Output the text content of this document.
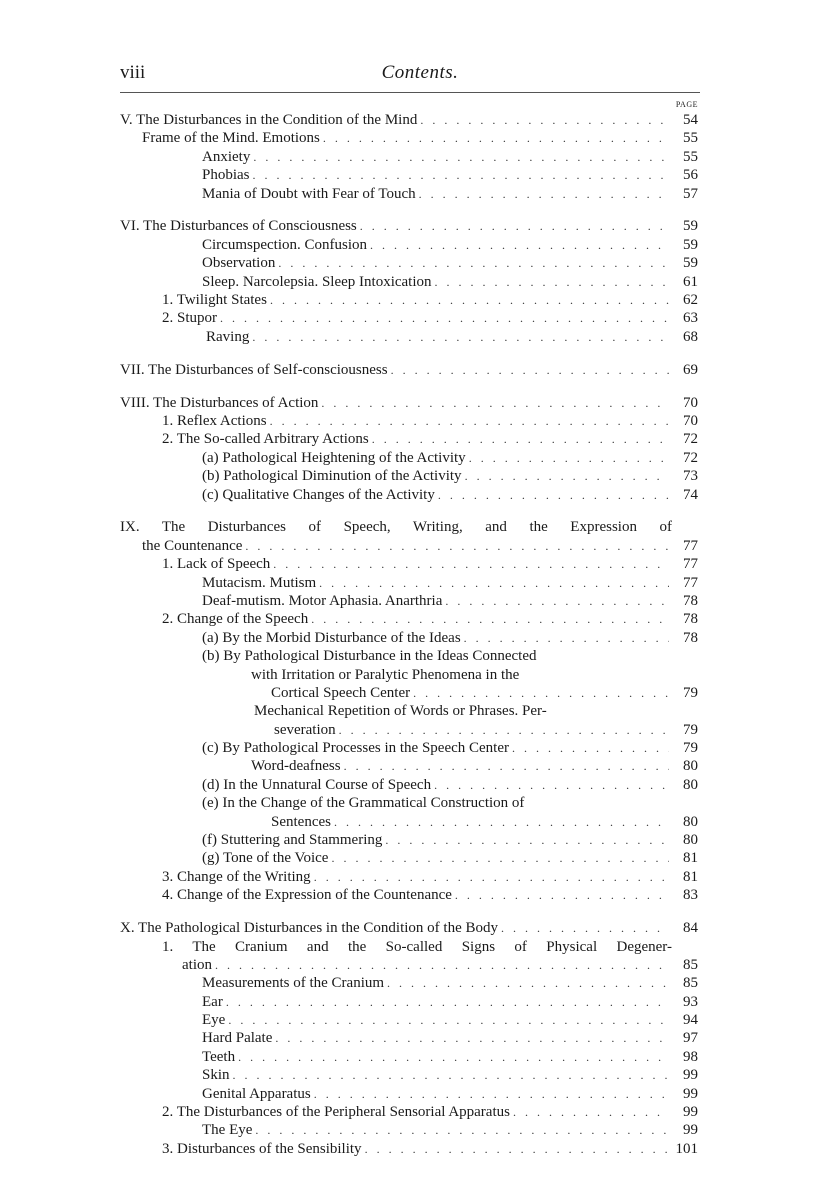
viii	Contents.
PAGE
V. The Disturbances in the Condition of the Mind . . .	54
Frame of the Mind. Emotions . . .	55
Anxiety . . .	55
Phobias . . .	56
Mania of Doubt with Fear of Touch . . .	57
VI. The Disturbances of Consciousness . . .	59
Circumspection. Confusion . . .	59
Observation . . .	59
Sleep. Narcolepsia. Sleep Intoxication . . .	61
1. Twilight States . . .	62
2. Stupor . . .	63
Raving . . .	68
VII. The Disturbances of Self-consciousness . . .	69
VIII. The Disturbances of Action . . .	70
1. Reflex Actions . . .	70
2. The So-called Arbitrary Actions . . .	72
(a) Pathological Heightening of the Activity . . .	72
(b) Pathological Diminution of the Activity . . .	73
(c) Qualitative Changes of the Activity . . .	74
IX. The Disturbances of Speech, Writing, and the Expression of
the Countenance . . .	77
1. Lack of Speech . . .	77
Mutacism. Mutism . . .	77
Deaf-mutism. Motor Aphasia. Anarthria . . .	78
2. Change of the Speech . . .	78
(a) By the Morbid Disturbance of the Ideas . . .	78
(b) By Pathological Disturbance in the Ideas Connected
with Irritation or Paralytic Phenomena in the
Cortical Speech Center . . .	79
Mechanical Repetition of Words or Phrases. Per-
severation . . .	79
(c) By Pathological Processes in the Speech Center . . .	79
Word-deafness . . .	80
(d) In the Unnatural Course of Speech . . .	80
(e) In the Change of the Grammatical Construction of
Sentences . . .	80
(f) Stuttering and Stammering . . .	80
(g) Tone of the Voice . . .	81
3. Change of the Writing . . .	81
4. Change of the Expression of the Countenance . . .	83
X. The Pathological Disturbances in the Condition of the Body . . .	84
1. The Cranium and the So-called Signs of Physical Degener-
ation . . .	85
Measurements of the Cranium . . .	85
Ear . . .	93
Eye . . .	94
Hard Palate . . .	97
Teeth . . .	98
Skin . . .	99
Genital Apparatus . . .	99
2. The Disturbances of the Peripheral Sensorial Apparatus . . .	99
The Eye . . .	99
3. Disturbances of the Sensibility . . .	101
